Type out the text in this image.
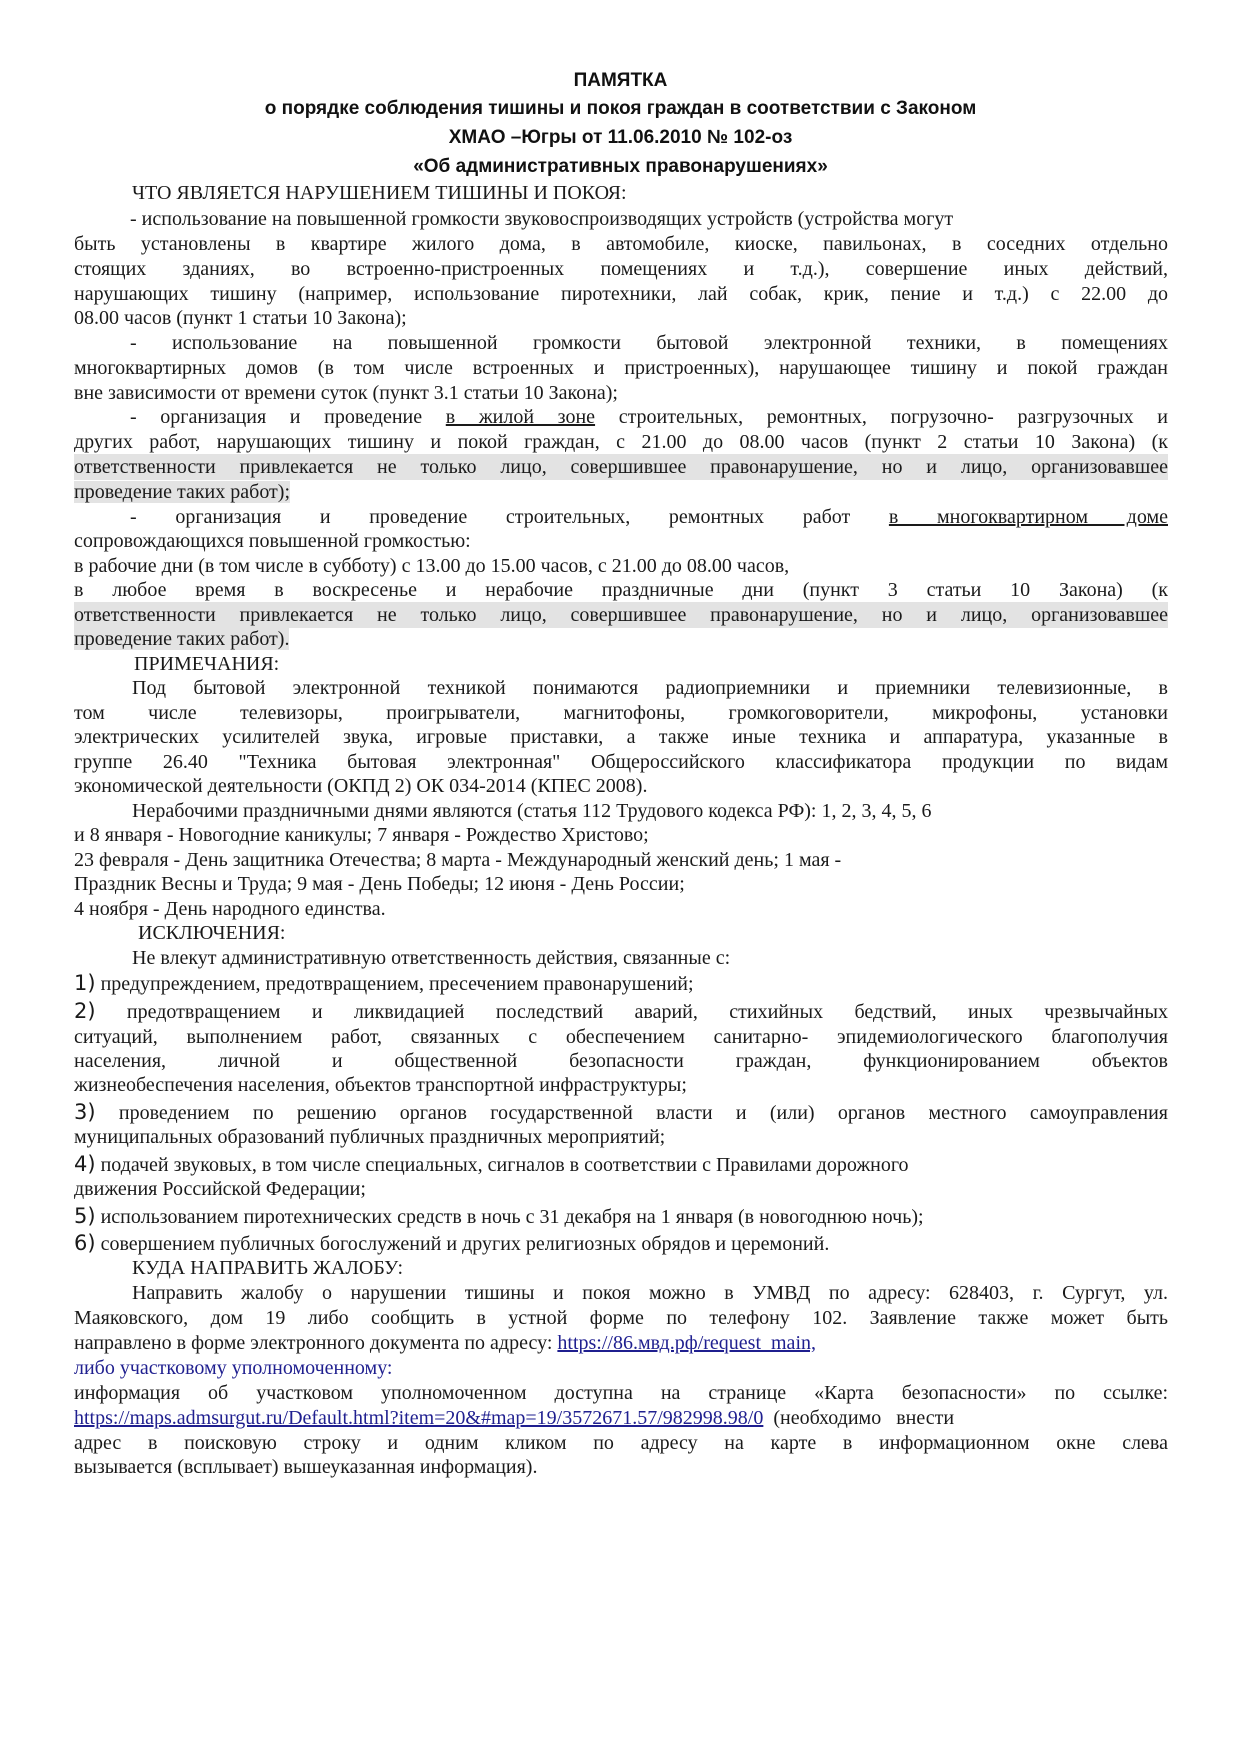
ПАМЯТКА
о порядке соблюдения тишины и покоя граждан в соответствии с Законом
ХМАО –Югры от 11.06.2010 № 102-оз
«Об административных правонарушениях»
ЧТО ЯВЛЯЕТСЯ НАРУШЕНИЕМ ТИШИНЫ И ПОКОЯ:
- использование на повышенной громкости звуковоспроизводящих устройств (устройства могут
быть установлены в квартире жилого дома, в автомобиле, киоске, павильонах, в соседних отдельно
стоящих зданиях, во встроенно-пристроенных помещениях и т.д.), совершение иных действий,
нарушающих тишину (например, использование пиротехники, лай собак, крик, пение и т.д.) с 22.00 до
08.00 часов (пункт 1 статьи 10 Закона);
- использование на повышенной громкости бытовой электронной техники, в помещениях
многоквартирных домов (в том числе встроенных и пристроенных), нарушающее тишину и покой граждан
вне зависимости от времени суток (пункт 3.1 статьи 10 Закона);
- организация и проведение в жилой зоне строительных, ремонтных, погрузочно- разгрузочных и
других работ, нарушающих тишину и покой граждан, с 21.00 до 08.00 часов (пункт 2 статьи 10 Закона) (к
ответственности привлекается не только лицо, совершившее правонарушение, но и лицо, организовавшее
проведение таких работ);
- организация и проведение строительных, ремонтных работ в многоквартирном доме
сопровождающихся повышенной громкостью:
в рабочие дни (в том числе в субботу) с 13.00 до 15.00 часов, с 21.00 до 08.00 часов,
в любое время в воскресенье и нерабочие праздничные дни (пункт 3 статьи 10 Закона) (к
ответственности привлекается не только лицо, совершившее правонарушение, но и лицо, организовавшее
проведение таких работ).
ПРИМЕЧАНИЯ:
Под бытовой электронной техникой понимаются радиоприемники и приемники телевизионные, в
том числе телевизоры, проигрыватели, магнитофоны, громкоговорители, микрофоны, установки
электрических усилителей звука, игровые приставки, а также иные техника и аппаратура, указанные в
группе 26.40 "Техника бытовая электронная" Общероссийского классификатора продукции по видам
экономической деятельности (ОКПД 2) ОК 034-2014 (КПЕС 2008).
Нерабочими праздничными днями являются (статья 112 Трудового кодекса РФ): 1, 2, 3, 4, 5, 6
и 8 января - Новогодние каникулы; 7 января - Рождество Христово;
23 февраля - День защитника Отечества; 8 марта - Международный женский день; 1 мая -
Праздник Весны и Труда; 9 мая - День Победы; 12 июня - День России;
4 ноября - День народного единства.
ИСКЛЮЧЕНИЯ:
Не влекут административную ответственность действия, связанные с:
1) предупреждением, предотвращением, пресечением правонарушений;
2) предотвращением и ликвидацией последствий аварий, стихийных бедствий, иных чрезвычайных
ситуаций, выполнением работ, связанных с обеспечением санитарно- эпидемиологического благополучия
населения, личной и общественной безопасности граждан, функционированием объектов
жизнеобеспечения населения, объектов транспортной инфраструктуры;
3) проведением по решению органов государственной власти и (или) органов местного самоуправления
муниципальных образований публичных праздничных мероприятий;
4) подачей звуковых, в том числе специальных, сигналов в соответствии с Правилами дорожного
движения Российской Федерации;
5) использованием пиротехнических средств в ночь с 31 декабря на 1 января (в новогоднюю ночь);
6) совершением публичных богослужений и других религиозных обрядов и церемоний.
КУДА НАПРАВИТЬ ЖАЛОБУ:
Направить жалобу о нарушении тишины и покоя можно в УМВД по адресу: 628403, г. Сургут, ул.
Маяковского, дом 19 либо сообщить в устной форме по телефону 102. Заявление также может быть
направлено в форме электронного документа по адресу: https://86.мвд.рф/request_main,
либо участковому уполномоченному:
информация об участковом уполномоченном доступна на странице «Карта безопасности» по ссылке:
https://maps.admsurgut.ru/Default.html?item=20&#map=19/3572671.57/982998.98/0  (необходимо   внести
адрес в поисковую строку и одним кликом по адресу на карте в информационном окне слева
вызывается (всплывает) вышеуказанная информация).
